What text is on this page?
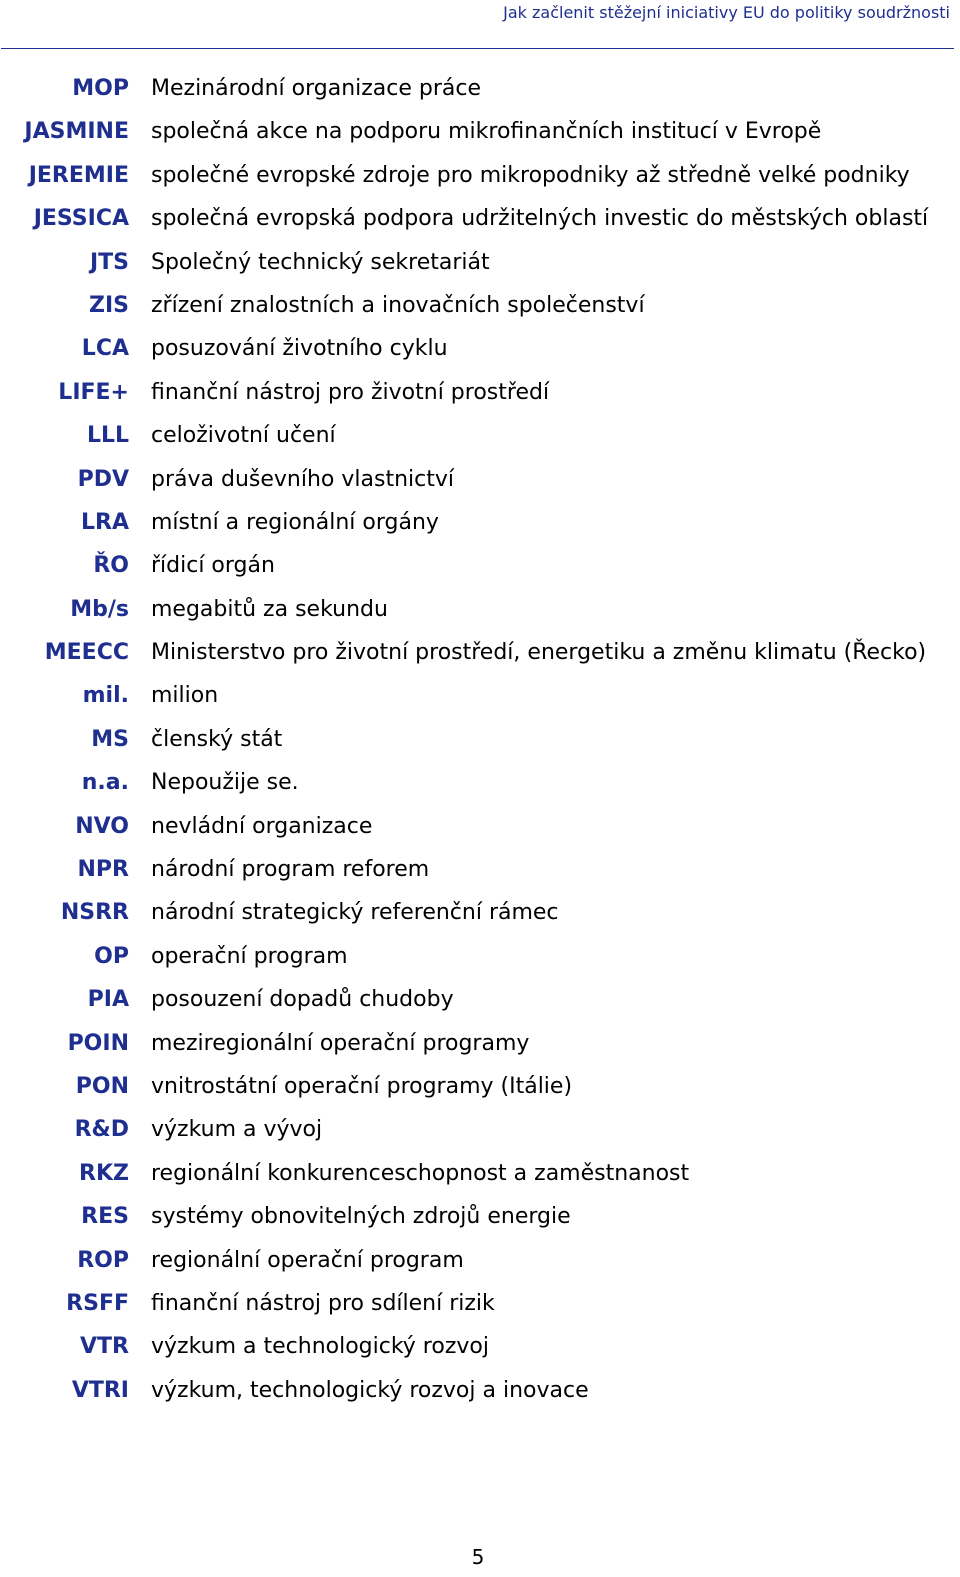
Jak začlenit stěžejní iniciativy EU do politiky soudržnosti
MOP Mezinárodní organizace práce
JASMINE společná akce na podporu mikrofinančních institucí v Evropě
JEREMIE společné evropské zdroje pro mikropodniky až středně velké podniky
JESSICA společná evropská podpora udržitelných investic do městských oblastí
JTS Společný technický sekretariát
ZIS zřízení znalostních a inovačních společenství
LCA posuzování životního cyklu
LIFE+ finanční nástroj pro životní prostředí
LLL celoživotní učení
PDV práva duševního vlastnictví
LRA místní a regionální orgány
ŘO řídicí orgán
Mb/s megabitů za sekundu
MEECC Ministerstvo pro životní prostředí, energetiku a změnu klimatu (Řecko)
mil. milion
MS členský stát
n.a. Nepoužije se.
NVO nevládní organizace
NPR národní program reforem
NSRR národní strategický referenční rámec
OP operační program
PIA posouzení dopadů chudoby
POIN meziregionální operační programy
PON vnitrostátní operační programy (Itálie)
R&D výzkum a vývoj
RKZ regionální konkurenceschopnost a zaměstnanost
RES systémy obnovitelných zdrojů energie
ROP regionální operační program
RSFF finanční nástroj pro sdílení rizik
VTR výzkum a technologický rozvoj
VTRI výzkum, technologický rozvoj a inovace
5
